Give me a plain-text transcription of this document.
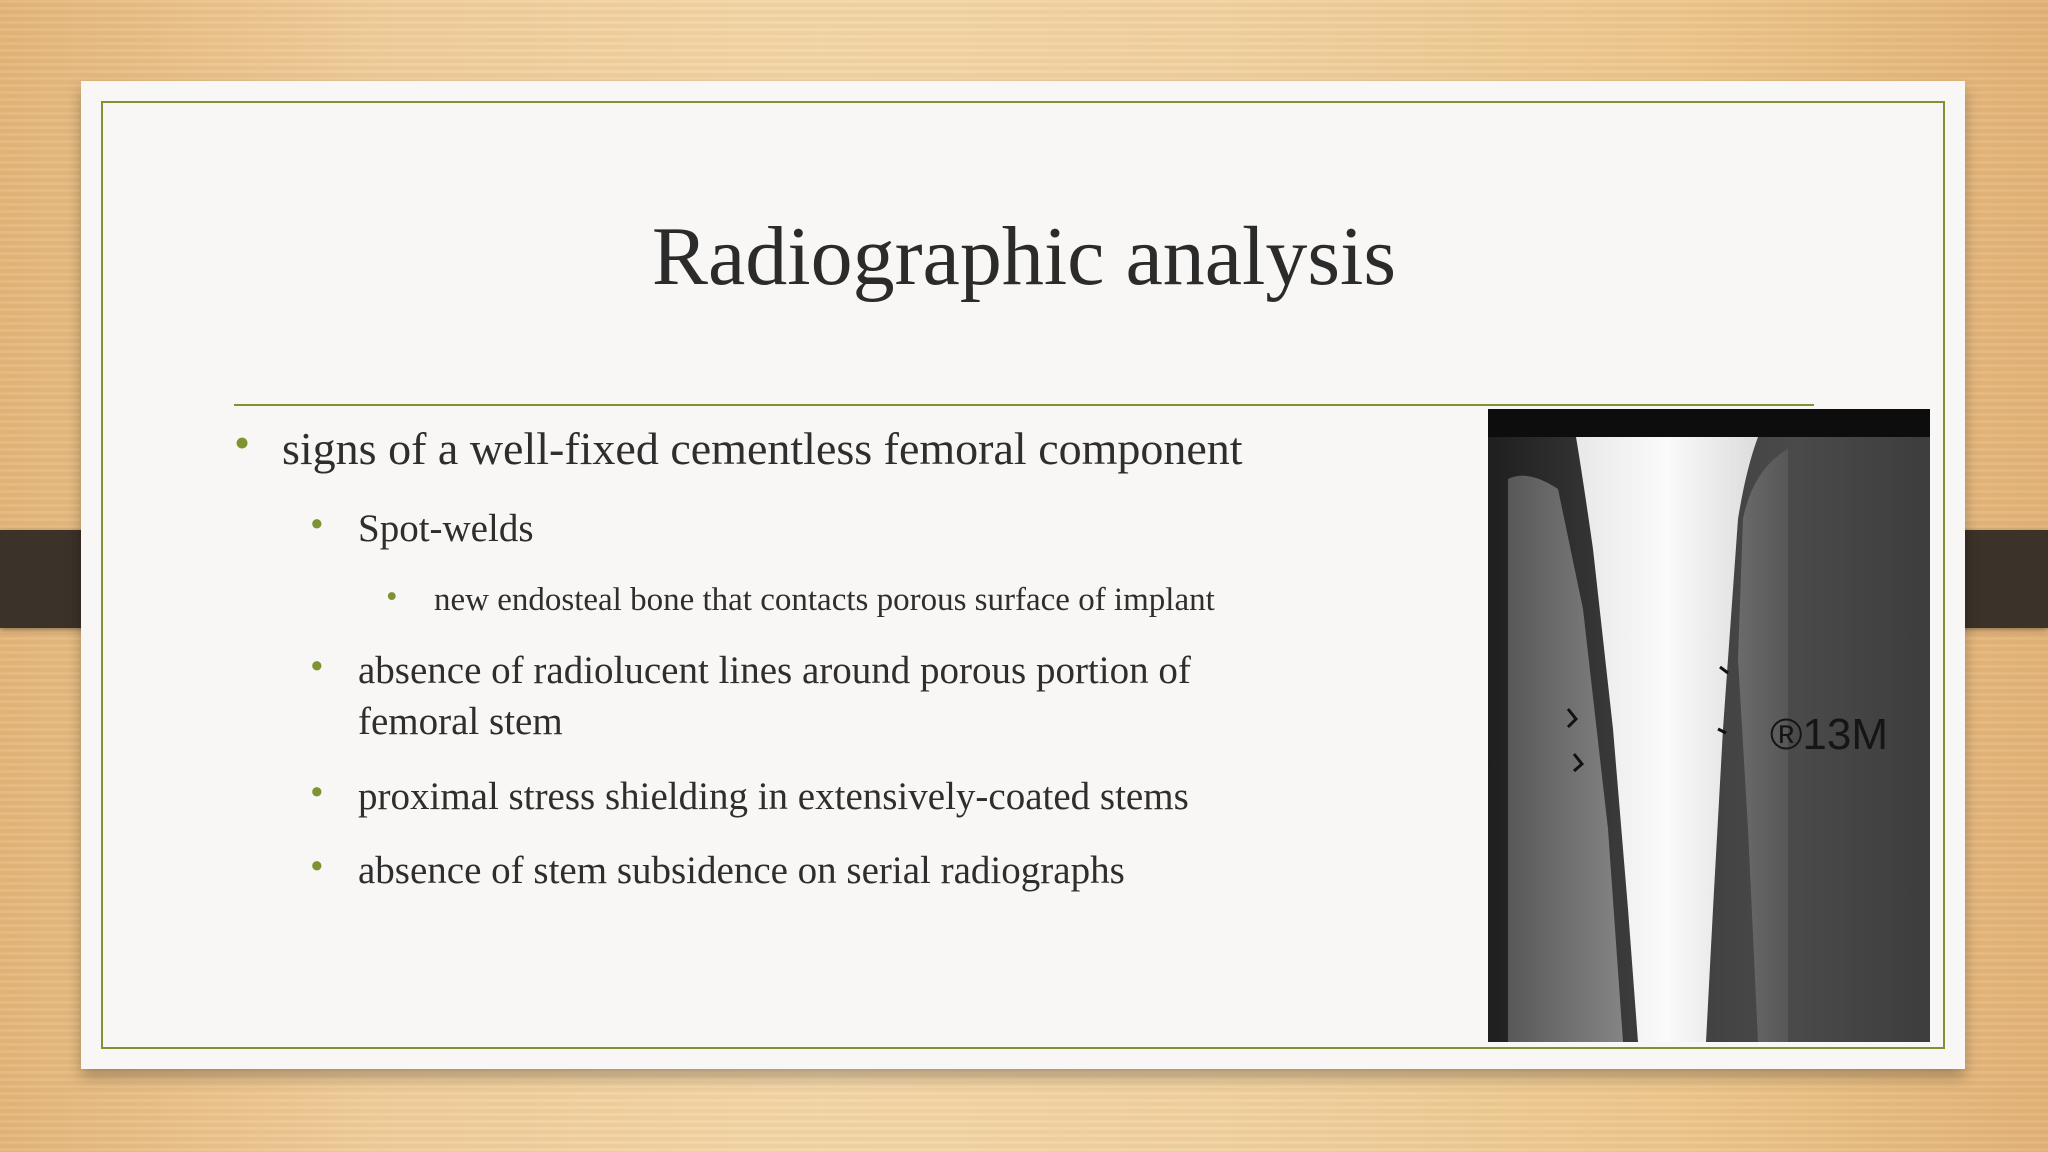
Radiographic analysis
• signs of a well-fixed cementless femoral component
• Spot-welds
• new endosteal bone that contacts porous surface of implant
• absence of radiolucent lines around porous portion of
femoral stem
• proximal stress shielding in extensively-coated stems
• absence of stem subsidence on serial radiographs
®13M
